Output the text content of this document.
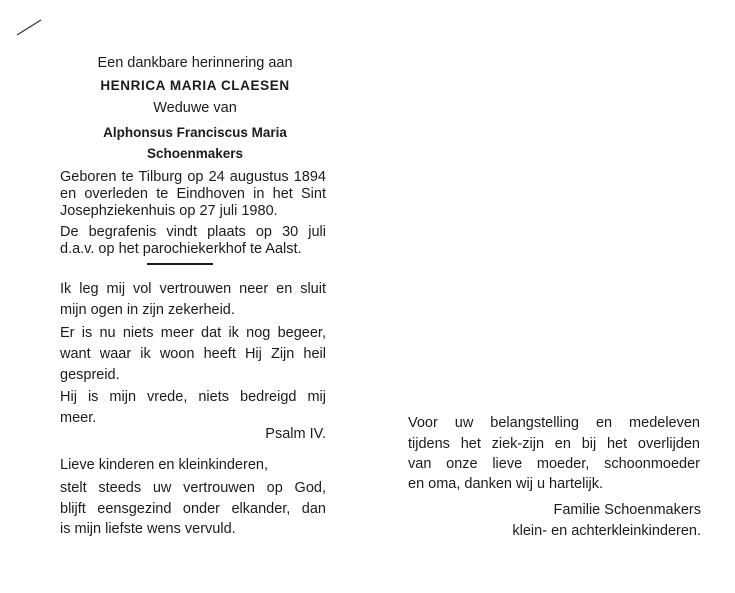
Een dankbare herinnering aan
HENRICA MARIA CLAESEN
Weduwe van
Alphonsus Franciscus Maria
Schoenmakers
Geboren te Tilburg op 24 augustus 1894
en overleden te Eindhoven in het Sint
Josephziekenhuis op 27 juli 1980.
De begrafenis vindt plaats op 30 juli
d.a.v. op het parochiekerkhof te Aalst.
Ik leg mij vol vertrouwen neer en sluit
mijn ogen in zijn zekerheid.
Er is nu niets meer dat ik nog begeer,
want waar ik woon heeft Hij Zijn heil
gespreid.
Hij is mijn vrede, niets bedreigd mij
meer.
Psalm IV.
Lieve kinderen en kleinkinderen,
stelt steeds uw vertrouwen op God,
blijft eensgezind onder elkander, dan
is mijn liefste wens vervuld.
Voor uw belangstelling en medeleven
tijdens het ziek-zijn en bij het overlijden
van onze lieve moeder, schoonmoeder
en oma, danken wij u hartelijk.
Familie Schoenmakers
klein- en achterkleinkinderen.
